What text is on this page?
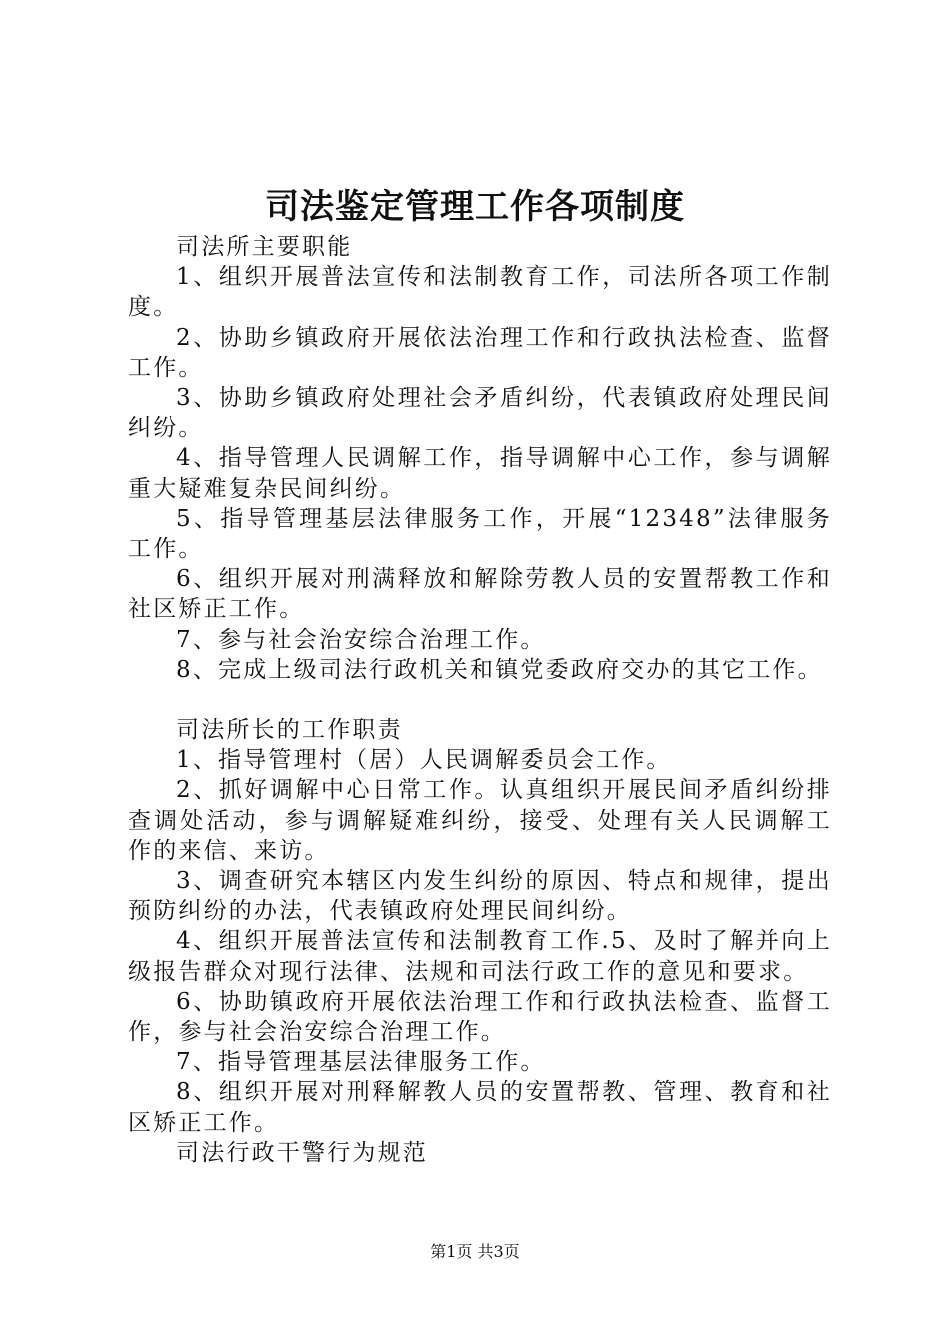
司法鉴定管理工作各项制度

司法所主要职能

1、组织开展普法宣传和法制教育工作，司法所各项工作制度。

2、协助乡镇政府开展依法治理工作和行政执法检查、监督工作。

3、协助乡镇政府处理社会矛盾纠纷，代表镇政府处理民间纠纷。

4、指导管理人民调解工作，指导调解中心工作，参与调解重大疑难复杂民间纠纷。

5、指导管理基层法律服务工作，开展“12348”法律服务工作。

6、组织开展对刑满释放和解除劳教人员的安置帮教工作和社区矫正工作。

7、参与社会治安综合治理工作。

8、完成上级司法行政机关和镇党委政府交办的其它工作。

司法所长的工作职责

1、指导管理村（居）人民调解委员会工作。

2、抓好调解中心日常工作。认真组织开展民间矛盾纠纷排查调处活动，参与调解疑难纠纷，接受、处理有关人民调解工作的来信、来访。

3、调查研究本辖区内发生纠纷的原因、特点和规律，提出预防纠纷的办法，代表镇政府处理民间纠纷。

4、组织开展普法宣传和法制教育工作.5、及时了解并向上级报告群众对现行法律、法规和司法行政工作的意见和要求。

6、协助镇政府开展依法治理工作和行政执法检查、监督工作，参与社会治安综合治理工作。

7、指导管理基层法律服务工作。

8、组织开展对刑释解教人员的安置帮教、管理、教育和社区矫正工作。

司法行政干警行为规范

第1页 共3页
